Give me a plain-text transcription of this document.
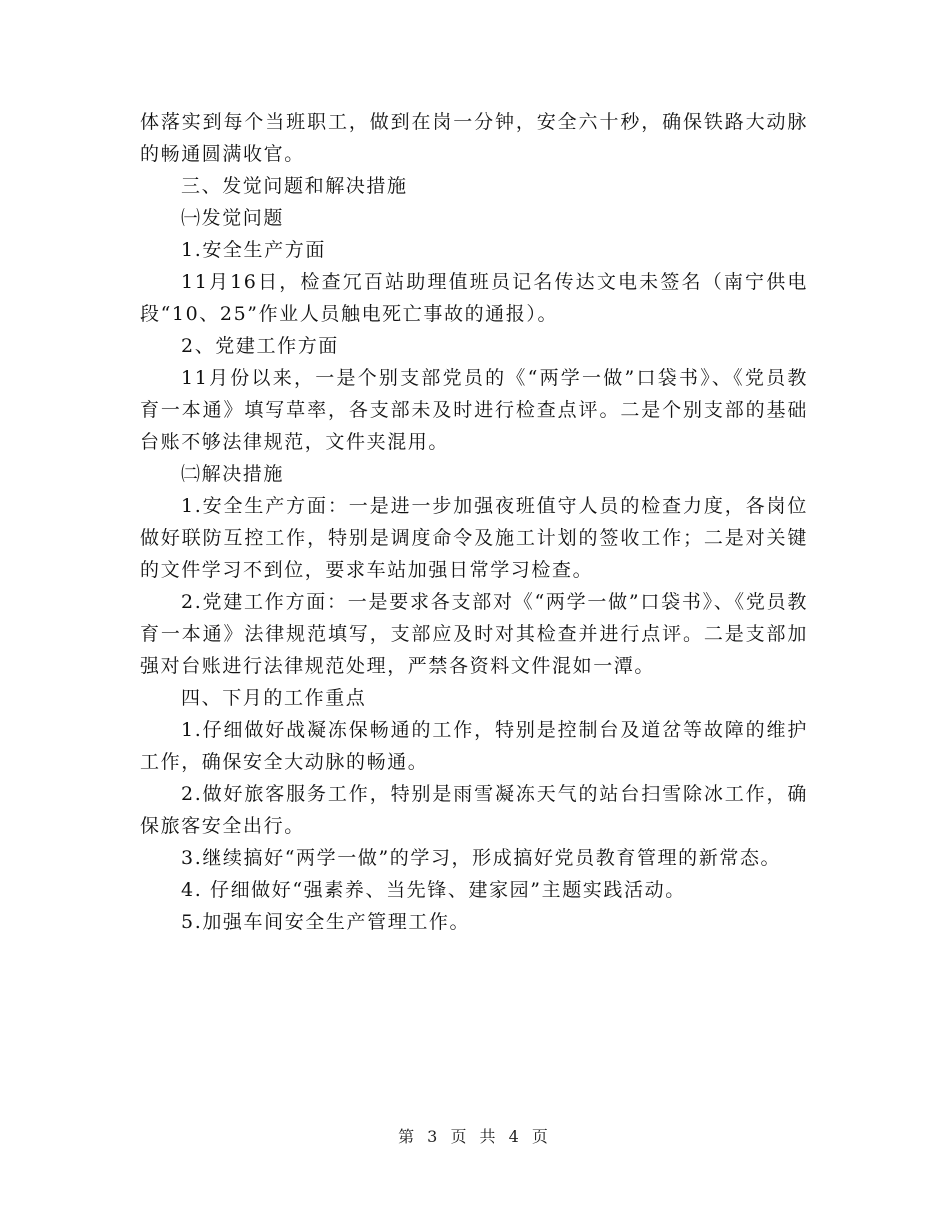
体落实到每个当班职工，做到在岗一分钟，安全六十秒，确保铁路大动脉的畅通圆满收官。

三、发觉问题和解决措施

㈠发觉问题

1.安全生产方面

11月16日，检查冗百站助理值班员记名传达文电未签名（南宁供电段“10、25”作业人员触电死亡事故的通报）。

2、党建工作方面

11月份以来，一是个别支部党员的《“两学一做”口袋书》、《党员教育一本通》填写草率，各支部未及时进行检查点评。二是个别支部的基础台账不够法律规范，文件夹混用。

㈡解决措施

1.安全生产方面：一是进一步加强夜班值守人员的检查力度，各岗位做好联防互控工作，特别是调度命令及施工计划的签收工作；二是对关键的文件学习不到位，要求车站加强日常学习检查。

2.党建工作方面：一是要求各支部对《“两学一做”口袋书》、《党员教育一本通》法律规范填写，支部应及时对其检查并进行点评。二是支部加强对台账进行法律规范处理，严禁各资料文件混如一潭。

四、下月的工作重点

1.仔细做好战凝冻保畅通的工作，特别是控制台及道岔等故障的维护工作，确保安全大动脉的畅通。

2.做好旅客服务工作，特别是雨雪凝冻天气的站台扫雪除冰工作，确保旅客安全出行。

3.继续搞好“两学一做”的学习，形成搞好党员教育管理的新常态。

4. 仔细做好“强素养、当先锋、建家园”主题实践活动。

5.加强车间安全生产管理工作。

第 3 页 共 4 页
